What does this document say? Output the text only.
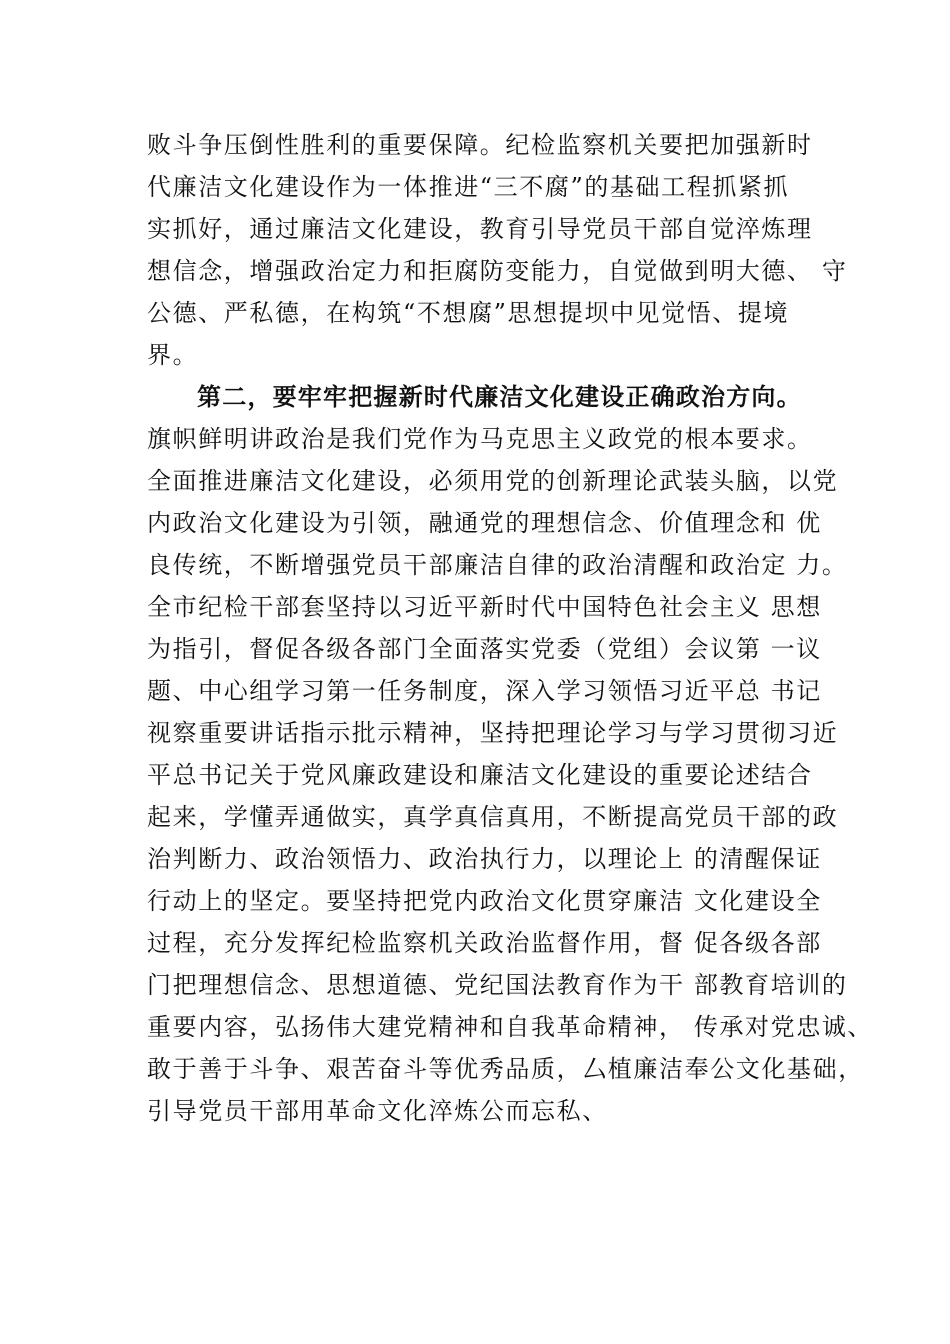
败斗争压倒性胜利的重要保障。纪检监察机关要把加强新时
代廉洁文化建设作为一体推进“三不腐”的基础工程抓紧抓
实抓好，通过廉洁文化建设，教育引导党员干部自觉淬炼理
想信念，增强政治定力和拒腐防变能力，自觉做到明大德、 守
公德、严私德，在构筑“不想腐”思想提坝中见觉悟、提境
界。
第二，要牢牢把握新时代廉洁文化建设正确政治方向。
旗帜鲜明讲政治是我们党作为马克思主义政党的根本要求。
全面推进廉洁文化建设，必须用党的创新理论武装头脑，以党
内政治文化建设为引领，融通党的理想信念、价值理念和 优
良传统，不断增强党员干部廉洁自律的政治清醒和政治定 力。
全市纪检干部套坚持以习近平新时代中国特色社会主义 思想
为指引，督促各级各部门全面落实党委（党组）会议第 一议
题、中心组学习第一任务制度，深入学习领悟习近平总 书记
视察重要讲话指示批示精神，坚持把理论学习与学习贯彻习近
平总书记关于党风廉政建设和廉洁文化建设的重要论述结合
起来，学懂弄通做实，真学真信真用，不断提高党员干部的政
治判断力、政治领悟力、政治执行力，以理论上 的清醒保证
行动上的坚定。要坚持把党内政治文化贯穿廉洁 文化建设全
过程，充分发挥纪检监察机关政治监督作用，督 促各级各部
门把理想信念、思想道德、党纪国法教育作为干 部教育培训的
重要内容，弘扬伟大建党精神和自我革命精神， 传承对党忠诚、
敢于善于斗争、艰苦奋斗等优秀品质，厶植廉洁奉公文化基础，
引导党员干部用革命文化淬炼公而忘私、
